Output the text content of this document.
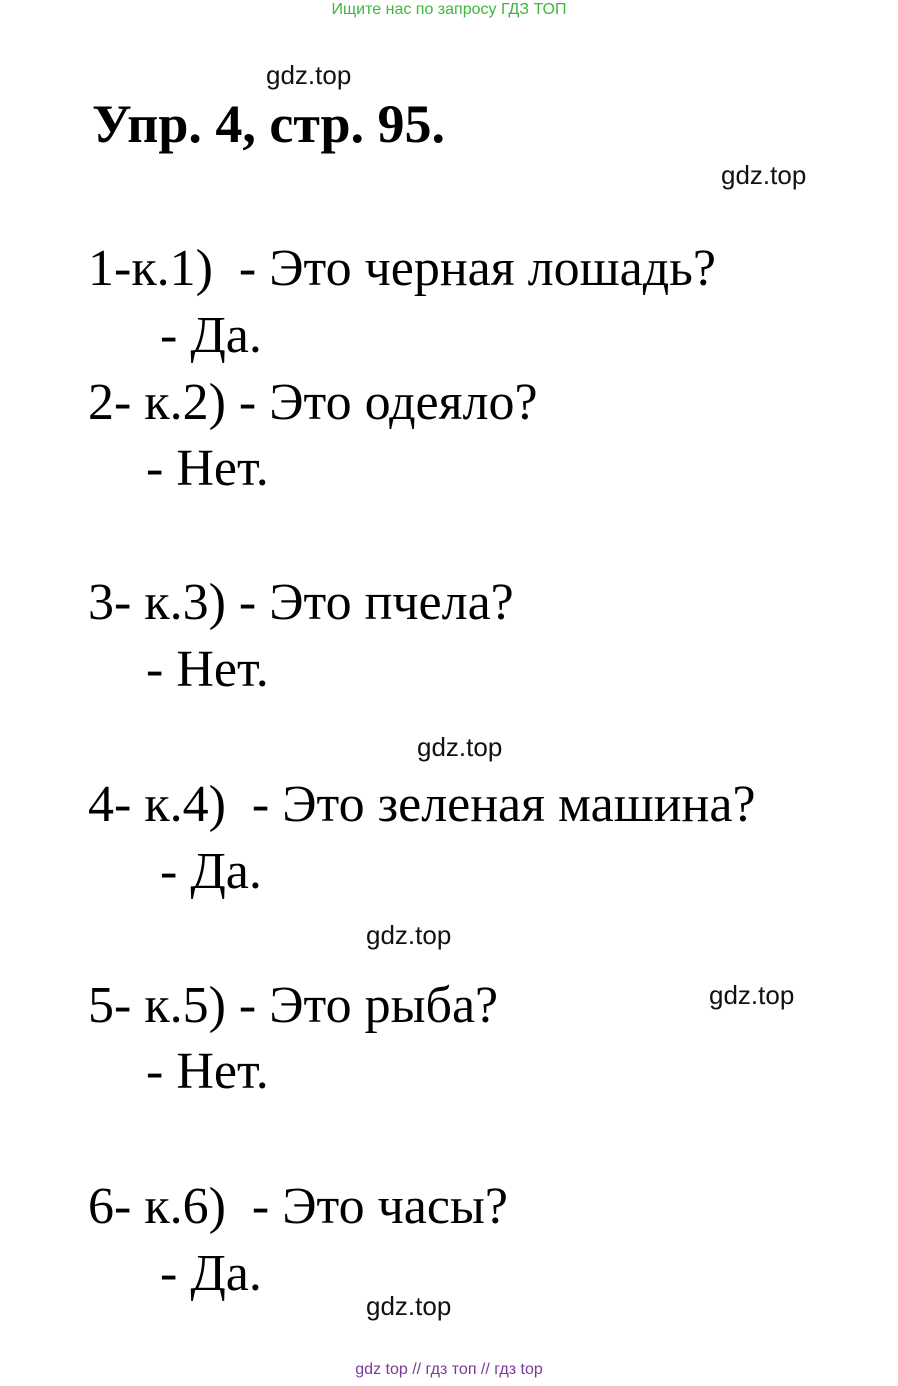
Ищите нас по запросу ГДЗ ТОП
gdz.top
gdz.top
gdz.top
gdz.top
gdz.top
gdz.top
Упр. 4, стр. 95.
1-к.1)  - Это черная лошадь?
- Да.
2- к.2) - Это одеяло?
- Нет.
3- к.3) - Это пчела?
- Нет.
4- к.4)  - Это зеленая машина?
- Да.
5- к.5) - Это рыба?
- Нет.
6- к.6)  - Это часы?
- Да.
gdz top // гдз топ // гдз top
